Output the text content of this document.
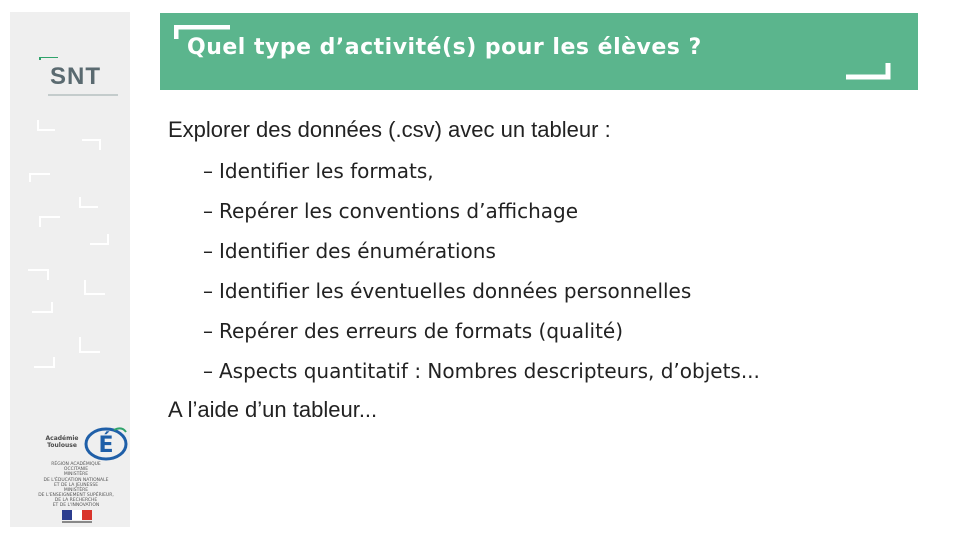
SNT
Académie
Toulouse É
RÉGION ACADÉMIQUE
OCCITANIE
MINISTÈRE
DE L'ÉDUCATION NATIONALE
ET DE LA JEUNESSE
MINISTÈRE
DE L'ENSEIGNEMENT SUPÉRIEUR,
DE LA RECHERCHE
ET DE L'INNOVATION
Quel type d’activité(s) pour les élèves ?
Explorer des données (.csv) avec un tableur :
– Identifier les formats,
– Repérer les conventions d’affichage
– Identifier des énumérations
– Identifier les éventuelles données personnelles
– Repérer des erreurs de formats (qualité)
– Aspects quantitatif : Nombres descripteurs, d’objets...
A l’aide d’un tableur...
